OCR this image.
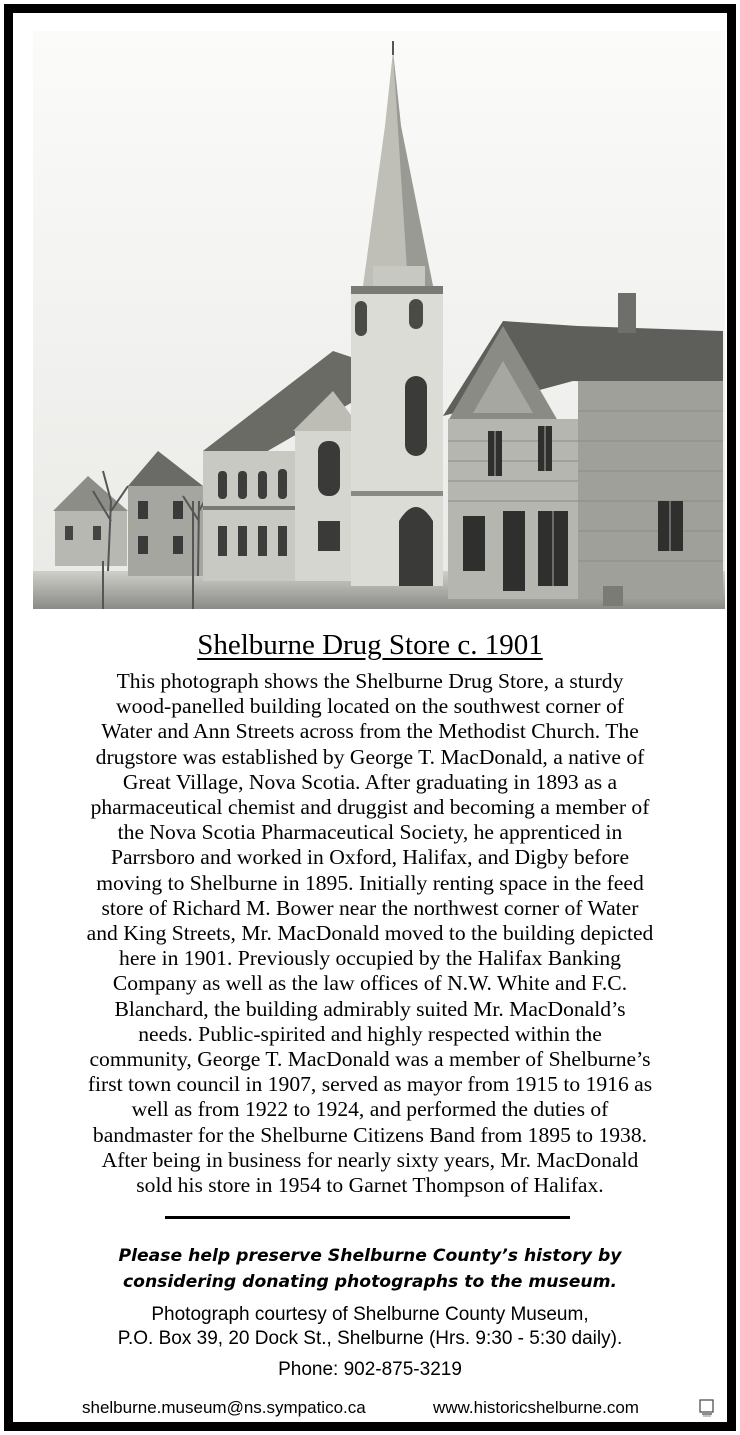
Shelburne Drug Store c. 1901

This photograph shows the Shelburne Drug Store, a sturdy
wood-panelled building located on the southwest corner of
Water and Ann Streets across from the Methodist Church. The
drugstore was established by George T. MacDonald, a native of
Great Village, Nova Scotia. After graduating in 1893 as a
pharmaceutical chemist and druggist and becoming a member of
the Nova Scotia Pharmaceutical Society, he apprenticed in
Parrsboro and worked in Oxford, Halifax, and Digby before
moving to Shelburne in 1895. Initially renting space in the feed
store of Richard M. Bower near the northwest corner of Water
and King Streets, Mr. MacDonald moved to the building depicted
here in 1901. Previously occupied by the Halifax Banking
Company as well as the law offices of N.W. White and F.C.
Blanchard, the building admirably suited Mr. MacDonald’s
needs. Public-spirited and highly respected within the
community, George T. MacDonald was a member of Shelburne’s
first town council in 1907, served as mayor from 1915 to 1916 as
well as from 1922 to 1924, and performed the duties of
bandmaster for the Shelburne Citizens Band from 1895 to 1938.
After being in business for nearly sixty years, Mr. MacDonald
sold his store in 1954 to Garnet Thompson of Halifax.

Please help preserve Shelburne County’s history by
considering donating photographs to the museum.
Photograph courtesy of Shelburne County Museum,
P.O. Box 39, 20 Dock St., Shelburne (Hrs. 9:30 - 5:30 daily).
Phone: 902-875-3219
shelburne.museum@ns.sympatico.ca	www.historicshelburne.com
